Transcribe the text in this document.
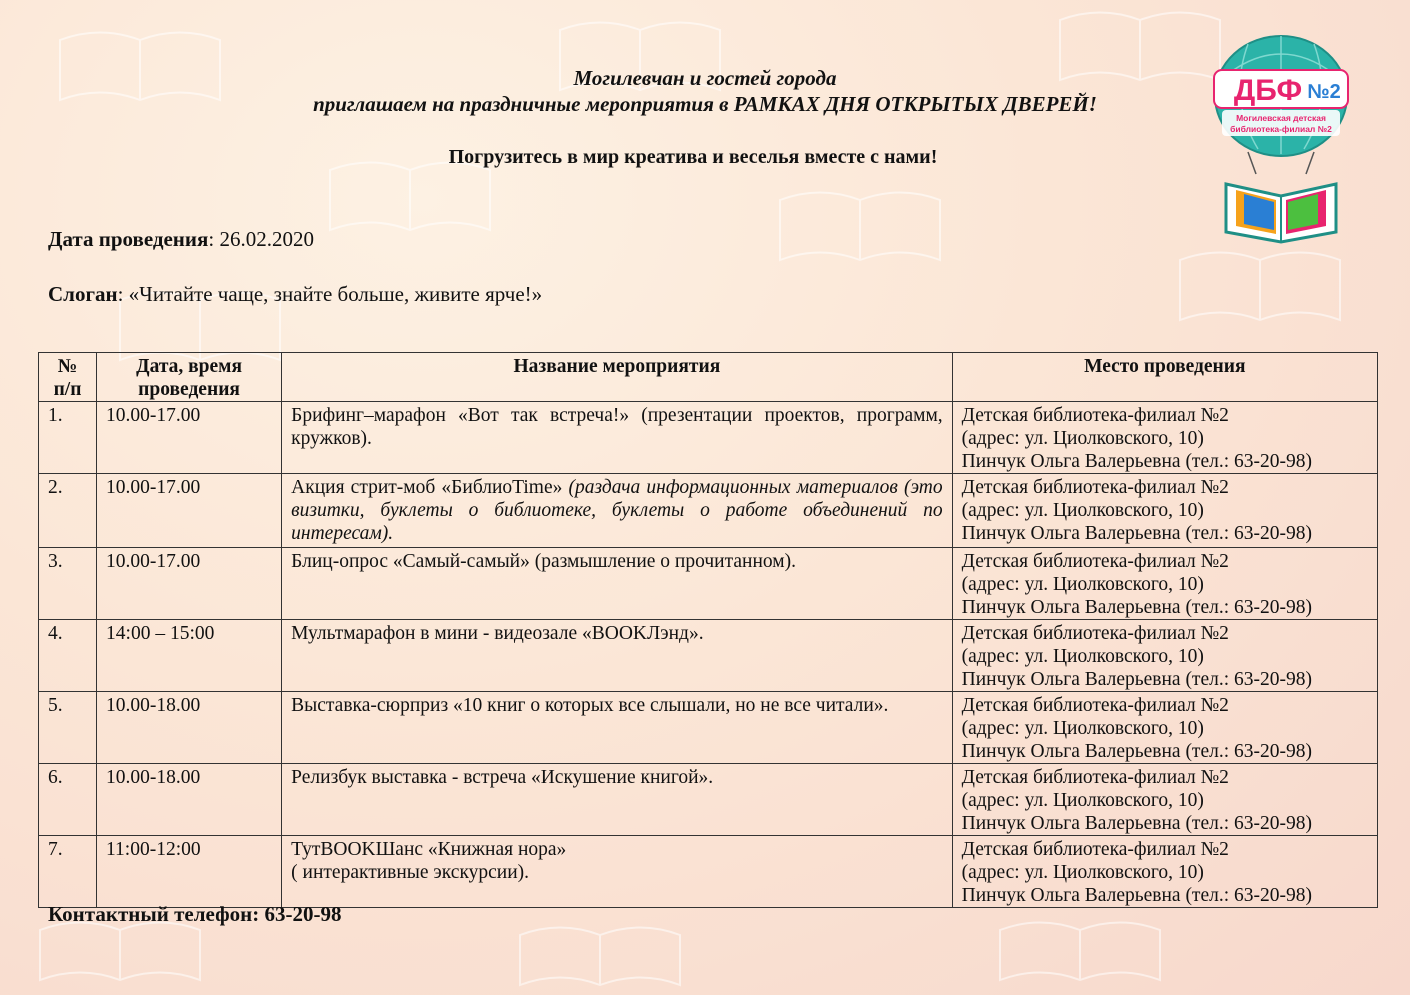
Могилевчан и гостей города
приглашаем на праздничные мероприятия в РАМКАХ ДНЯ ОТКРЫТЫХ ДВЕРЕЙ!
Погрузитесь в мир креатива и веселья вместе с нами!
Дата проведения: 26.02.2020
Слоган: «Читайте чаще, знайте больше, живите ярче!»
ДБФ №2
Могилевская детская
библиотека-филиал №2
№
п/п	Дата, время
проведения	Название мероприятия	Место проведения
1.	10.00-17.00	Брифинг–марафон «Вот так встреча!» (презентации проектов, программ, кружков).	Детская библиотека-филиал №2
(адрес: ул. Циолковского, 10)
Пинчук Ольга Валерьевна (тел.: 63-20-98)

2.	10.00-17.00	Акция стрит-моб «БиблиоTime» (раздача информационных материалов (это визитки, буклеты о библиотеке, буклеты о работе объединений по интересам).	Детская библиотека-филиал №2
(адрес: ул. Циолковского, 10)
Пинчук Ольга Валерьевна (тел.: 63-20-98)

3.	10.00-17.00	Блиц-опрос «Самый-самый» (размышление о прочитанном).	Детская библиотека-филиал №2
(адрес: ул. Циолковского, 10)
Пинчук Ольга Валерьевна (тел.: 63-20-98)

4.	14:00 – 15:00	Мультмарафон в мини - видеозале «BOOKЛэнд».	Детская библиотека-филиал №2
(адрес: ул. Циолковского, 10)
Пинчук Ольга Валерьевна (тел.: 63-20-98)

5.	10.00-18.00	Выставка-сюрприз «10 книг о которых все слышали, но не все читали».	Детская библиотека-филиал №2
(адрес: ул. Циолковского, 10)
Пинчук Ольга Валерьевна (тел.: 63-20-98)

6.	10.00-18.00	Релизбук выставка - встреча «Искушение книгой».	Детская библиотека-филиал №2
(адрес: ул. Циолковского, 10)
Пинчук Ольга Валерьевна (тел.: 63-20-98)

7.	11:00-12:00	ТутBOOKШанс «Книжная нора»
( интерактивные экскурсии).	Детская библиотека-филиал №2
(адрес: ул. Циолковского, 10)
Пинчук Ольга Валерьевна (тел.: 63-20-98)
Контактный телефон: 63-20-98
